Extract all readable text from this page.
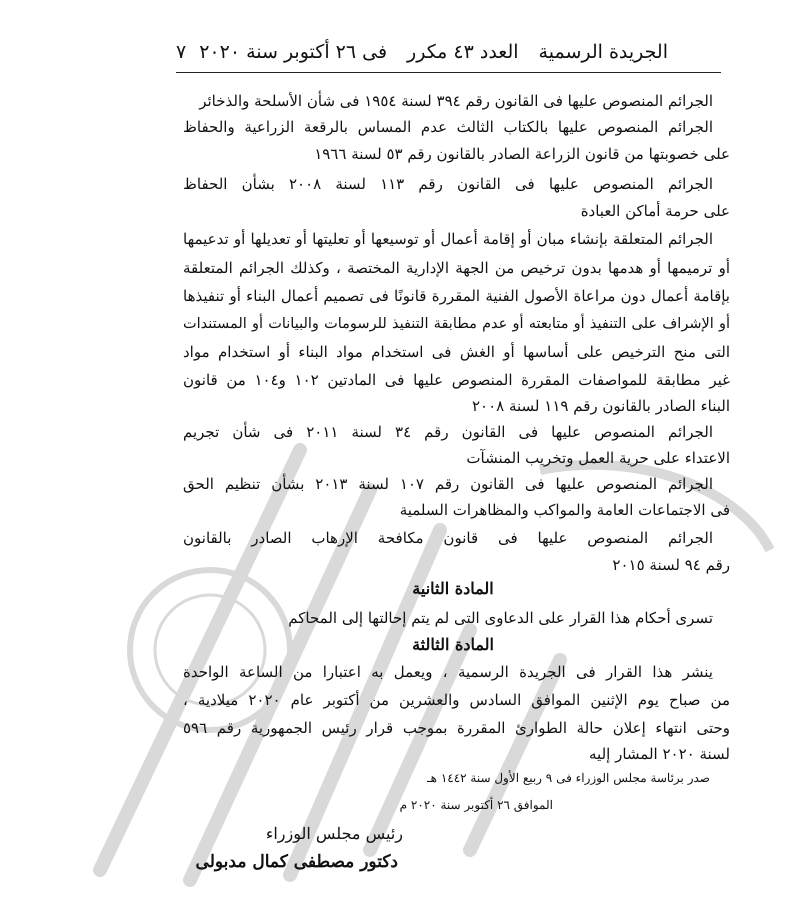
الجريدة الرسمية
العدد ٤٣ مكرر
فى ٢٦ أكتوبر سنة ٢٠٢٠
٧
الجرائم المنصوص عليها فى القانون رقم ٣٩٤ لسنة ١٩٥٤ فى شأن الأسلحة والذخائر
الجرائم المنصوص عليها بالكتاب الثالث عدم المساس بالرقعة الزراعية والحفاظ
على خصوبتها من قانون الزراعة الصادر بالقانون رقم ٥٣ لسنة ١٩٦٦
الجرائم المنصوص عليها فى القانون رقم ١١٣ لسنة ٢٠٠٨ بشأن الحفاظ
على حرمة أماكن العبادة
الجرائم المتعلقة بإنشاء مبان أو إقامة أعمال أو توسيعها أو تعليتها أو تعديلها أو تدعيمها
أو ترميمها أو هدمها بدون ترخيص من الجهة الإدارية المختصة ، وكذلك الجرائم المتعلقة
بإقامة أعمال دون مراعاة الأصول الفنية المقررة قانونًا فى تصميم أعمال البناء أو تنفيذها
أو الإشراف على التنفيذ أو متابعته أو عدم مطابقة التنفيذ للرسومات والبيانات أو المستندات
التى منح الترخيص على أساسها أو الغش فى استخدام مواد البناء أو استخدام مواد
غير مطابقة للمواصفات المقررة المنصوص عليها فى المادتين ١٠٢ و١٠٤ من قانون
البناء الصادر بالقانون رقم ١١٩ لسنة ٢٠٠٨
الجرائم المنصوص عليها فى القانون رقم ٣٤ لسنة ٢٠١١ فى شأن تجريم
الاعتداء على حرية العمل وتخريب المنشآت
الجرائم المنصوص عليها فى القانون رقم ١٠٧ لسنة ٢٠١٣ بشأن تنظيم الحق
فى الاجتماعات العامة والمواكب والمظاهرات السلمية
الجرائم المنصوص عليها فى قانون مكافحة الإرهاب الصادر بالقانون
رقم ٩٤ لسنة ٢٠١٥
المادة الثانية
تسرى أحكام هذا القرار على الدعاوى التى لم يتم إحالتها إلى المحاكم
المادة الثالثة
ينشر هذا القرار فى الجريدة الرسمية ، ويعمل به اعتبارا من الساعة الواحدة
من صباح يوم الإثنين الموافق السادس والعشرين من أكتوبر عام ٢٠٢٠ ميلادية ،
وحتى انتهاء إعلان حالة الطوارئ المقررة بموجب قرار رئيس الجمهورية رقم ٥٩٦
لسنة ٢٠٢٠ المشار إليه
صدر برئاسة مجلس الوزراء فى ٩ ربيع الأول سنة ١٤٤٢ هـ
الموافق ٢٦ أكتوبر سنة ٢٠٢٠ م
رئيس مجلس الوزراء
دكتور مصطفى كمال مدبولى
